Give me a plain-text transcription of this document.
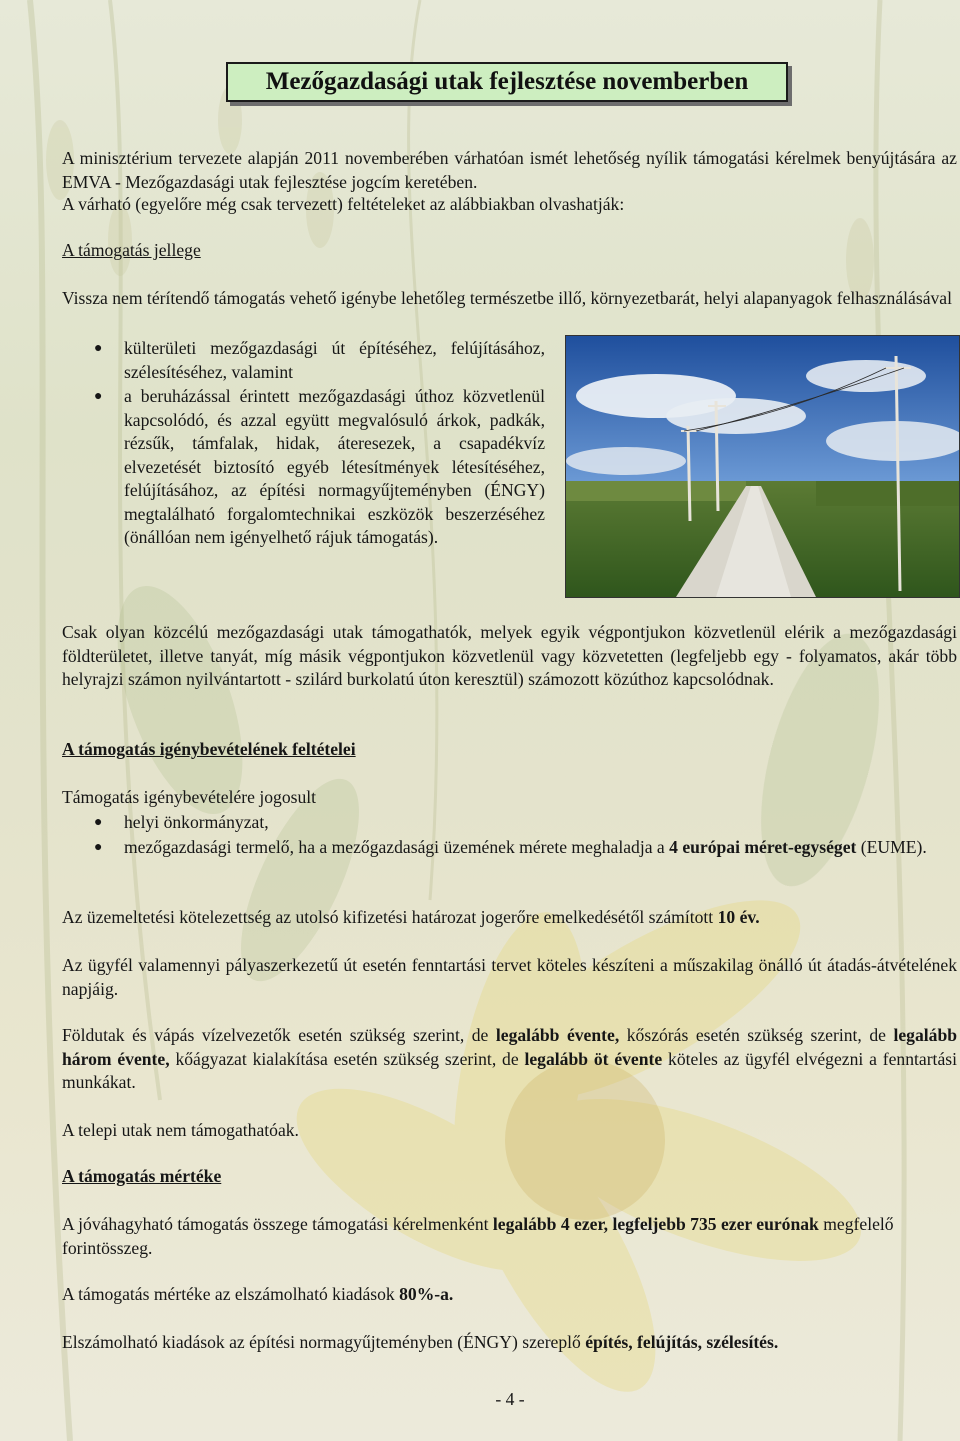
Mezőgazdasági utak fejlesztése novemberben

A minisztérium tervezete alapján 2011 novemberében várhatóan ismét lehetőség nyílik támogatási kérelmek benyújtására az EMVA - Mezőgazdasági utak fejlesztése jogcím keretében.

A várható (egyelőre még csak tervezett) feltételeket az alábbiakban olvashatják:

A támogatás jellege

Vissza nem térítendő támogatás vehető igénybe lehetőleg természetbe illő, környezetbarát, helyi alapanyagok felhasználásával

● külterületi mezőgazdasági út építéséhez, felújításához, szélesítéséhez, valamint

● a beruházással érintett mezőgazdasági úthoz közvetlenül kapcsolódó, és azzal együtt megvalósuló árkok, padkák, rézsűk, támfalak, hidak, áteresezek, a csapadékvíz elvezetését biztosító egyéb létesítmények létesítéséhez, felújításához, az építési normagyűjteményben (ÉNGY) megtalálható forgalomtechnikai eszközök beszerzéséhez (önállóan nem igényelhető rájuk támogatás).

Csak olyan közcélú mezőgazdasági utak támogathatók, melyek egyik végpontjukon közvetlenül elérik a mezőgazdasági földterületet, illetve tanyát, míg másik végpontjukon közvetlenül vagy közvetetten (legfeljebb egy - folyamatos, akár több helyrajzi számon nyilvántartott - szilárd burkolatú úton keresztül) számozott közúthoz kapcsolódnak.

A támogatás igénybevételének feltételei

Támogatás igénybevételére jogosult

● helyi önkormányzat,

● mezőgazdasági termelő, ha a mezőgazdasági üzemének mérete meghaladja a 4 európai méret-egységet (EUME).

Az üzemeltetési kötelezettség az utolsó kifizetési határozat jogerőre emelkedésétől számított 10 év.

Az ügyfél valamennyi pályaszerkezetű út esetén fenntartási tervet köteles készíteni a műszakilag önálló út átadás-átvételének napjáig.

Földutak és vápás vízelvezetők esetén szükség szerint, de legalább évente, kőszórás esetén szükség szerint, de legalább három évente, kőágyazat kialakítása esetén szükség szerint, de legalább öt évente köteles az ügyfél elvégezni a fenntartási munkákat.

A telepi utak nem támogathatóak.

A támogatás mértéke

A jóváhagyható támogatás összege támogatási kérelmenként legalább 4 ezer, legfeljebb 735 ezer eurónak megfelelő forintösszeg.

A támogatás mértéke az elszámolható kiadások 80%-a.

Elszámolható kiadások az építési normagyűjteményben (ÉNGY) szereplő építés, felújítás, szélesítés.

- 4 -
